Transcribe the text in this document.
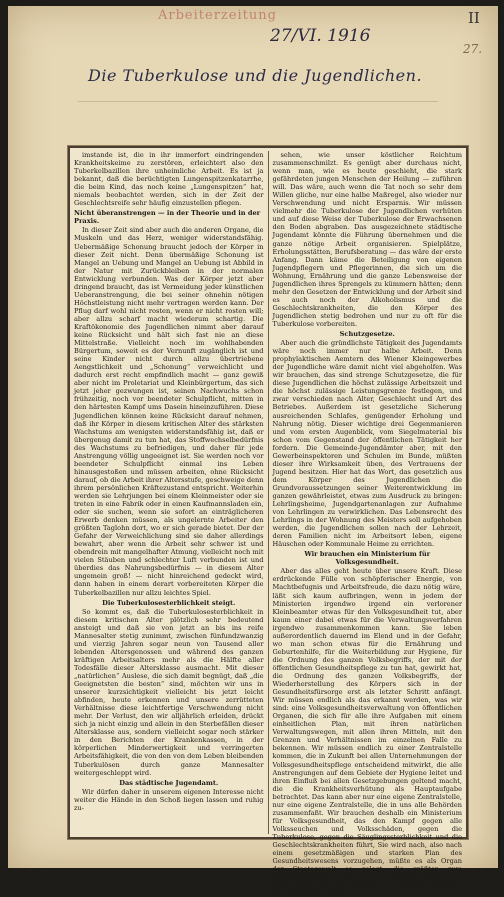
Arbeiterzeitung
27/VI. 1916
II
27.
Die Tuberkulose und die Jugendlichen.

imstande ist, die in ihr immerfort eindringenden Krankheitskeime zu zerstören, erleichtert also den Tuberkelbazillen ihre unheimliche Arbeit. Es ist ja bekannt, daß die berüchtigten Lungenspitzenkatarrhe, die beim Kind, das noch keine „Lungenspitzen“ hat, niemals beobachtet werden, sich in der Zeit der Geschlechtsreife sehr häufig einzustellen pflegen.

Nicht überanstrengen — in der Theorie und in der Praxis.

In dieser Zeit sind aber auch die anderen Organe, die Muskeln und das Herz, weniger widerstandsfähig. Uebermäßige Schonung braucht jedoch der Körper in dieser Zeit nicht. Denn übermäßige Schonung ist Mangel an Uebung und Mangel an Uebung ist Abbild in der Natur mit Zurückbleiben in der normalen Entwicklung verbunden. Was der Körper jetzt aber dringend braucht, das ist Vermeidung jeder künstlichen Ueberanstrengung, die bei seiner ohnehin nötigen Höchstleistung nicht mehr vertragen werden kann. Der Pflug darf wohl nicht rosten, wenn er nicht rosten will; aber allzu scharf macht wiederum schartig. Die Kraftökonomie des Jugendlichen nimmt aber darauf keine Rücksicht und hält sich fast nie an diese Mittelstraße. Vielleicht noch im wohlhabenden Bürgertum, soweit es der Vernunft zugänglich ist und seine Kinder nicht durch allzu übertriebene Aengstlichkeit und „Schonung“ verweichlicht und dadurch erst recht empfindlich macht — ganz gewiß aber nicht im Proletariat und Kleinbürgertum, das sich jetzt jeher gezwungen ist, seinen Nachwuchs schon frühzeitig, noch vor beendeter Schulpflicht, mitten in den härtesten Kampf ums Dasein hineinzuführen. Diese Jugendlichen können keine Rücksicht darauf nehmen, daß ihr Körper in diesem kritischen Alter des stärksten Wachstums am wenigsten widerstandsfähig ist, daß er übergenug damit zu tun hat, das Stoffwechselbedürfnis des Wachstums zu befriedigen, und daher für jede Anstrengung völlig ungeeignet ist. Sie werden noch vor beendeter Schulpflicht einmal ins Leben hinausgestoßen und müssen arbeiten, ohne Rücksicht darauf, ob die Arbeit ihrer Altersstufe, geschweige denn ihrem persönlichen Kräftezustand entspricht. Weiterhin werden sie Lehrjungen bei einem Kleinmeister oder sie treten in eine Fabrik oder in einen Kaufmannsladen ein, oder sie suchen, wenn sie sofort an einträglicheren Erwerb denken müssen, als ungelernte Arbeiter den größten Taglohn dort, wo er sich gerade bietet. Der der Gefahr der Verweichlichung sind sie daher allerdings bewahrt, aber wenn die Arbeit sehr schwer ist und obendrein mit mangelhafter Atmung, vielleicht noch mit vielen Stäuben und schlechter Luft verbunden ist und überdies das Nahrungsbedürfnis — in diesem Alter ungemein groß! — nicht hinreichend gedeckt wird, dann haben in einem derart vorbereiteten Körper die Tuberkelbazillen nur allzu leichtes Spiel.

Die Tuberkulosesterblichkeit steigt.

So kommt es, daß die Tuberkulosesterblichkeit in diesem kritischen Alter plötzlich sehr bedeutend ansteigt und daß sie von jetzt an bis ins reife Mannesalter stetig zunimmt, zwischen fünfundzwanzig und vierzig Jahren sogar neun von Tausend aller lebenden Altersgenossen und während des ganzen kräftigen Arbeitsalters mehr als die Hälfte aller Todesfälle dieser Altersklasse ausmacht. Mit dieser „natürlichen“ Auslese, die sich damit begnügt, daß „die Geeignetsten die besten“ sind, möchten wir uns in unserer kurzsichtigkeit vielleicht bis jetzt leicht abfinden, heute erkennen und unsere zerrütteten Verhältnisse diese leichtfertige Verschwendung nicht mehr. Der Verlust, den wir alljährlich erleiden, drückt sich ja nicht einzig und allein in den Sterbefällen dieser Altersklasse aus, sondern vielleicht sogar noch stärker in den Berichten der Krankenkassen, in der körperlichen Minderwertigkeit und verringerten Arbeitsfähigkeit, die von den von dem Leben bleibenden Tuberkulösen durch ganze Mannesalter weitergeschleppt wird.

Das städtische Jugendamt.

Wir dürfen daher in unserem eigenen Interesse nicht weiter die Hände in den Schoß liegen lassen und ruhig zu-

sehen, wie unser köstlicher Reichtum zusammenschmilzt. Es genügt aber durchaus nicht, wenn man, wie es heute geschieht, die stark gefährdeten jungen Menschen der Heilung — zuführen will. Das wäre, auch wenn die Tat noch so sehr dem Willen gliche, nur eine halbe Maßregel, also wieder nur Verschwendung und nicht Ersparnis. Wir müssen vielmehr die Tuberkulose der Jugendlichen verhüten und auf diese Weise der Tuberkulose der Erwachsenen den Boden abgraben. Das ausgezeichnete städtische Jugendamt könnte die Führung übernehmen und die ganze nötige Arbeit organisieren. Spielplätze, Erholungsstätten, Berufsberatung — das wäre der erste Anfang. Dann käme die Beteiligung von eigenen Jugendpflegern und Pflegerinnen, die sich um die Wohnung, Ernährung und die ganze Lebensweise der Jugendlichen ihres Sprengels zu kümmern hätten; denn mehr den Gesetzen der Entwicklung und der Arbeit sind es auch noch der Alkoholismus und die Geschlechtskrankheiten, die den Körper des Jugendlichen stetig bedrohen und nur zu oft für die Tuberkulose vorbereiten.

Schutzgesetze.

Aber auch die gründlichste Tätigkeit des Jugendamts wäre noch immer nur halbe Arbeit. Denn prophylaktischen Aemtern des Wiener Kleingewerbes der Jugendliche wäre damit nicht viel abgeholfen. Was wir brauchen, das sind strenge Schutzgesetze, die für diese Jugendlichen die höchst zulässige Arbeitszeit und die höchst zulässige Leistungsgrenze festlegen, und zwar verschieden nach Alter, Geschlecht und Art des Betriebes. Außerdem ist gesetzliche Sicherung ausreichenden Schlafes, genügender Erholung und Nahrung nötig. Dieser wichtige drei Gegenmanieren und vom ersten Augenblick, vom Siegelmaterial bis schon vom Gegenstand der öffentlichen Tätigkeit her fordern. Die Gemeinde-Jugendämter aber, mit den Gewerbeinspektoren und Schulen im Bunde, müßten dieser ihre Wirksamkeit üben, des Vertrauens der Jugend besitzen. Hier hat das Wort, das gesetzlich aus dem Körper des Jugendlichen die Grundvoraussetzungen seiner Weiterentwicklung im ganzen gewährleistet, etwas zum Ausdruck zu bringen: Lehrlingsheime, Jugendgartenanlagen zur Aufnahme von Lehrlingen zu verwirklichen. Das Lebensrecht des Lehrlings in der Wohnung des Meisters soll aufgehoben werden, die Jugendlichen sollen nach der Lehrzeit, deren Familien nicht im Arbeitsort leben, eigene Häuschen oder Kommunale Heime zu errichten.

Wir brauchen ein Ministerium für Volksgesundheit.

Aber das alles geht heute über unsere Kraft. Diese erdrückende Fülle von schöpferischer Energie, von Machtbefugnis und Arbeitsfreude, die dazu nötig wäre, läßt sich kaum aufbringen, wenn in jedem der Ministerien irgendwo irgend ein verlorener Kleinbeamter etwas für den Volksgesundheit tut, aber kaum einer dabei etwas für die Verwaltungsverfahren irgendwo zusammenkommen kann. Sie leben außerordentlich dauernd im Elend und in der Gefahr, wo man schon etwas für die Ernährung und Geburtenhilfe, für die Weiterbildung zur Hygiene, für die Ordnung des ganzen Volksbegriffs, der mit der öffentlichen Gesundheitspflege zu tun hat, gewirkt hat, die Ordnung des ganzen Volksbegriffs, der Wiederherstellung des Körpers sich in der Gesundheitsfürsorge erst als letzter Schritt anfängt. Wir müssen endlich als das erkannt werden, was wir sind: eine Volksgesundheitsverwaltung von öffentlichen Organen, die sich für alle ihre Aufgaben mit einem einheitlichen Plan, mit ihren natürlichen Verwaltungswegen, mit allen ihren Mitteln, mit den Grenzen und Verhältnissen im einzelnen Falle zu bekennen. Wir müssen endlich zu einer Zentralstelle kommen, die in Zukunft bei allen Unternehmungen der Volksgesundheitspflege entscheidend mitwirkt, die alle Anstrengungen auf dem Gebiete der Hygiene leitet und ihren Einfluß bei allen Gesetzgebungen geltend macht, die die Krankheitsverhütung als Hauptaufgabe betrachtet. Das kann aber nur eine eigene Zentralstelle, nur eine eigene Zentralstelle, die in uns alle Behörden zusammenfaßt. Wir brauchen deshalb ein Ministerium für Volksgesundheit, das den Kampf gegen alle Volksseuchen und Volksschäden, gegen die Tuberkulose, gegen die Säuglingssterblichkeit und die Geschlechtskrankheiten führt, Sie wird nach, also nach einem gesetzmäßigen und starken Plan des Gesundheitswesens vorzugehen, müßte es als Organ der Staatsgewalt so gelegt, die größten zum augenblicklichen Ziele, zur Volksgesundheit, zur Bekämpfung und zur Verhütung der Kindertuberkulose im besonderen führen.
